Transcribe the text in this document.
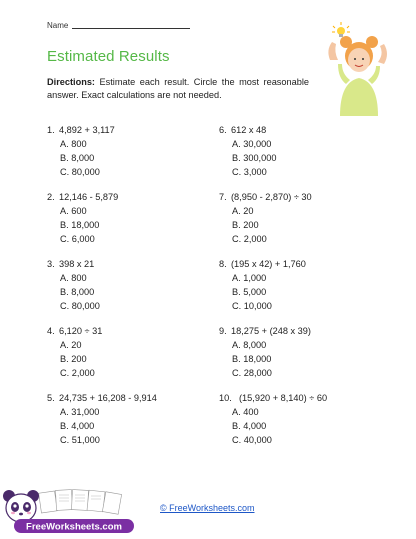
Name
Estimated Results
Directions: Estimate each result. Circle the most reasonable answer. Exact calculations are not needed.
1. 4,892 + 3,117
A. 800
B. 8,000
C. 80,000
2. 12,146 - 5,879
A. 600
B. 18,000
C. 6,000
3. 398 x 21
A. 800
B. 8,000
C. 80,000
4. 6,120 ÷ 31
A. 20
B. 200
C. 2,000
5. 24,735 + 16,208 - 9,914
A. 31,000
B. 4,000
C. 51,000
6. 612 x 48
A. 30,000
B. 300,000
C. 3,000
7. (8,950 - 2,870) ÷ 30
A. 20
B. 200
C. 2,000
8. (195 x 42) + 1,760
A. 1,000
B. 5,000
C. 10,000
9. 18,275 + (248 x 39)
A. 8,000
B. 18,000
C. 28,000
10. (15,920 + 8,140) ÷ 60
A. 400
B. 4,000
C. 40,000
FreeWorksheets.com
© FreeWorksheets.com
